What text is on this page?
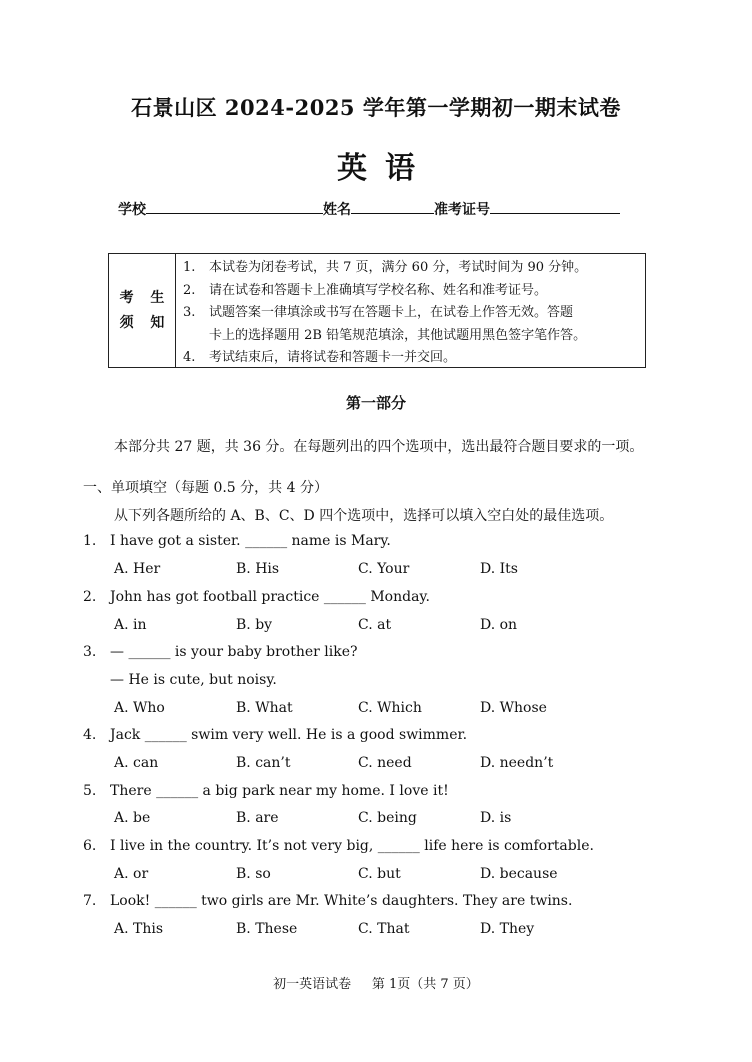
石景山区 2024-2025 学年第一学期初一期末试卷
英语
学校	姓名	准考证号
考 生
须 知
1.	本试卷为闭卷考试，共 7 页，满分 60 分，考试时间为 90 分钟。
2.	请在试卷和答题卡上准确填写学校名称、姓名和准考证号。
3.	试题答案一律填涂或书写在答题卡上，在试卷上作答无效。答题
卡上的选择题用 2B 铅笔规范填涂，其他试题用黑色签字笔作答。
4.	考试结束后，请将试卷和答题卡一并交回。
第一部分
本部分共 27 题，共 36 分。在每题列出的四个选项中，选出最符合题目要求的一项。
一、单项填空（每题 0.5 分，共 4 分）
从下列各题所给的 A、B、C、D 四个选项中，选择可以填入空白处的最佳选项。
1. I have got a sister. ______ name is Mary.
A. Her	B. His	C. Your	D. Its
2. John has got football practice ______ Monday.
A. in	B. by	C. at	D. on
3. — ______ is your baby brother like?
— He is cute, but noisy.
A. Who	B. What	C. Which	D. Whose
4. Jack ______ swim very well. He is a good swimmer.
A. can	B. can’t	C. need	D. needn’t
5. There ______ a big park near my home. I love it!
A. be	B. are	C. being	D. is
6. I live in the country. It’s not very big, ______ life here is comfortable.
A. or	B. so	C. but	D. because
7. Look! ______ two girls are Mr. White’s daughters. They are twins.
A. This	B. These	C. That	D. They
初一英语试卷 第 1页（共 7 页）
